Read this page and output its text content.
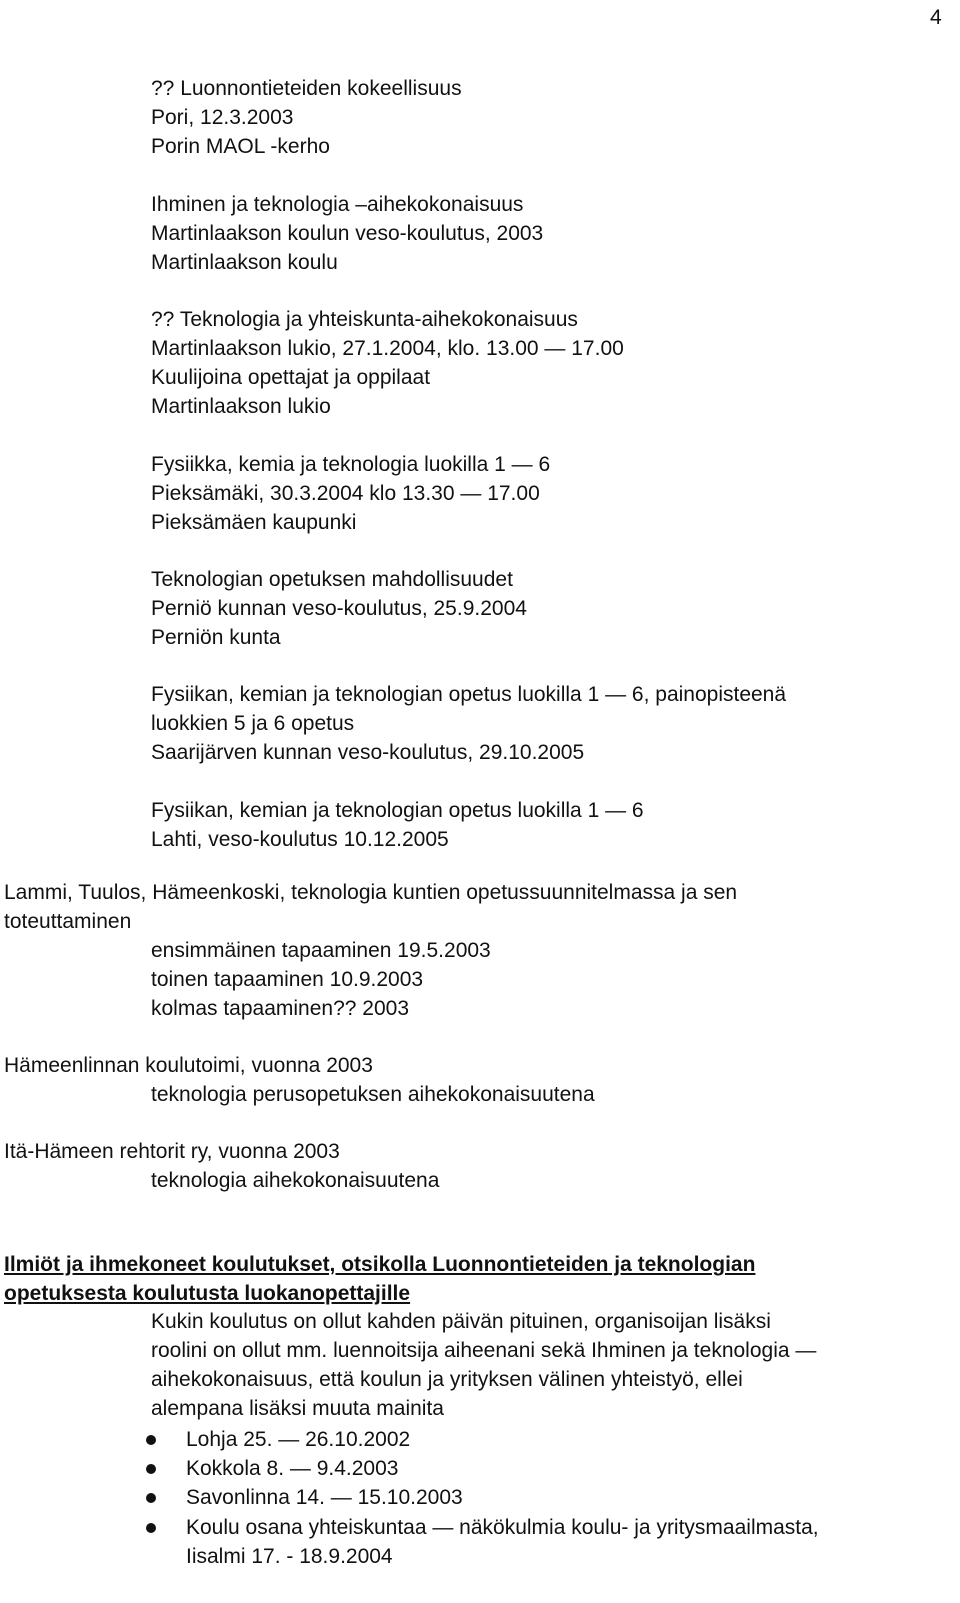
4
?? Luonnontieteiden kokeellisuus
Pori, 12.3.2003
Porin MAOL -kerho
Ihminen ja teknologia –aihekokonaisuus
Martinlaakson koulun veso-koulutus, 2003
Martinlaakson koulu
?? Teknologia ja yhteiskunta-aihekokonaisuus
Martinlaakson lukio, 27.1.2004, klo. 13.00 — 17.00
Kuulijoina opettajat ja oppilaat
Martinlaakson lukio
Fysiikka, kemia ja teknologia luokilla 1 — 6
Pieksämäki, 30.3.2004 klo 13.30 — 17.00
Pieksämäen kaupunki
Teknologian opetuksen mahdollisuudet
Perniö kunnan veso-koulutus, 25.9.2004
Perniön kunta
Fysiikan, kemian ja teknologian opetus luokilla 1 — 6, painopisteenä
luokkien 5 ja 6 opetus
Saarijärven kunnan veso-koulutus, 29.10.2005
Fysiikan, kemian ja teknologian opetus luokilla 1 — 6
Lahti, veso-koulutus 10.12.2005
Lammi, Tuulos, Hämeenkoski, teknologia kuntien opetussuunnitelmassa ja sen
toteuttaminen
ensimmäinen tapaaminen 19.5.2003
toinen tapaaminen 10.9.2003
kolmas tapaaminen?? 2003
Hämeenlinnan koulutoimi, vuonna 2003
teknologia perusopetuksen aihekokonaisuutena
Itä-Hämeen rehtorit ry, vuonna 2003
teknologia aihekokonaisuutena
Ilmiöt ja ihmekoneet koulutukset, otsikolla Luonnontieteiden ja teknologian
opetuksesta koulutusta luokanopettajille
Kukin koulutus on ollut kahden päivän pituinen, organisoijan lisäksi
roolini on ollut mm. luennoitsija aiheenani sekä Ihminen ja teknologia —
aihekokonaisuus, että koulun ja yrityksen välinen yhteistyö, ellei
alempana lisäksi muuta mainita
Lohja 25. — 26.10.2002
Kokkola 8. — 9.4.2003
Savonlinna 14. — 15.10.2003
Koulu osana yhteiskuntaa — näkökulmia koulu- ja yritysmaailmasta,
Iisalmi 17. - 18.9.2004
